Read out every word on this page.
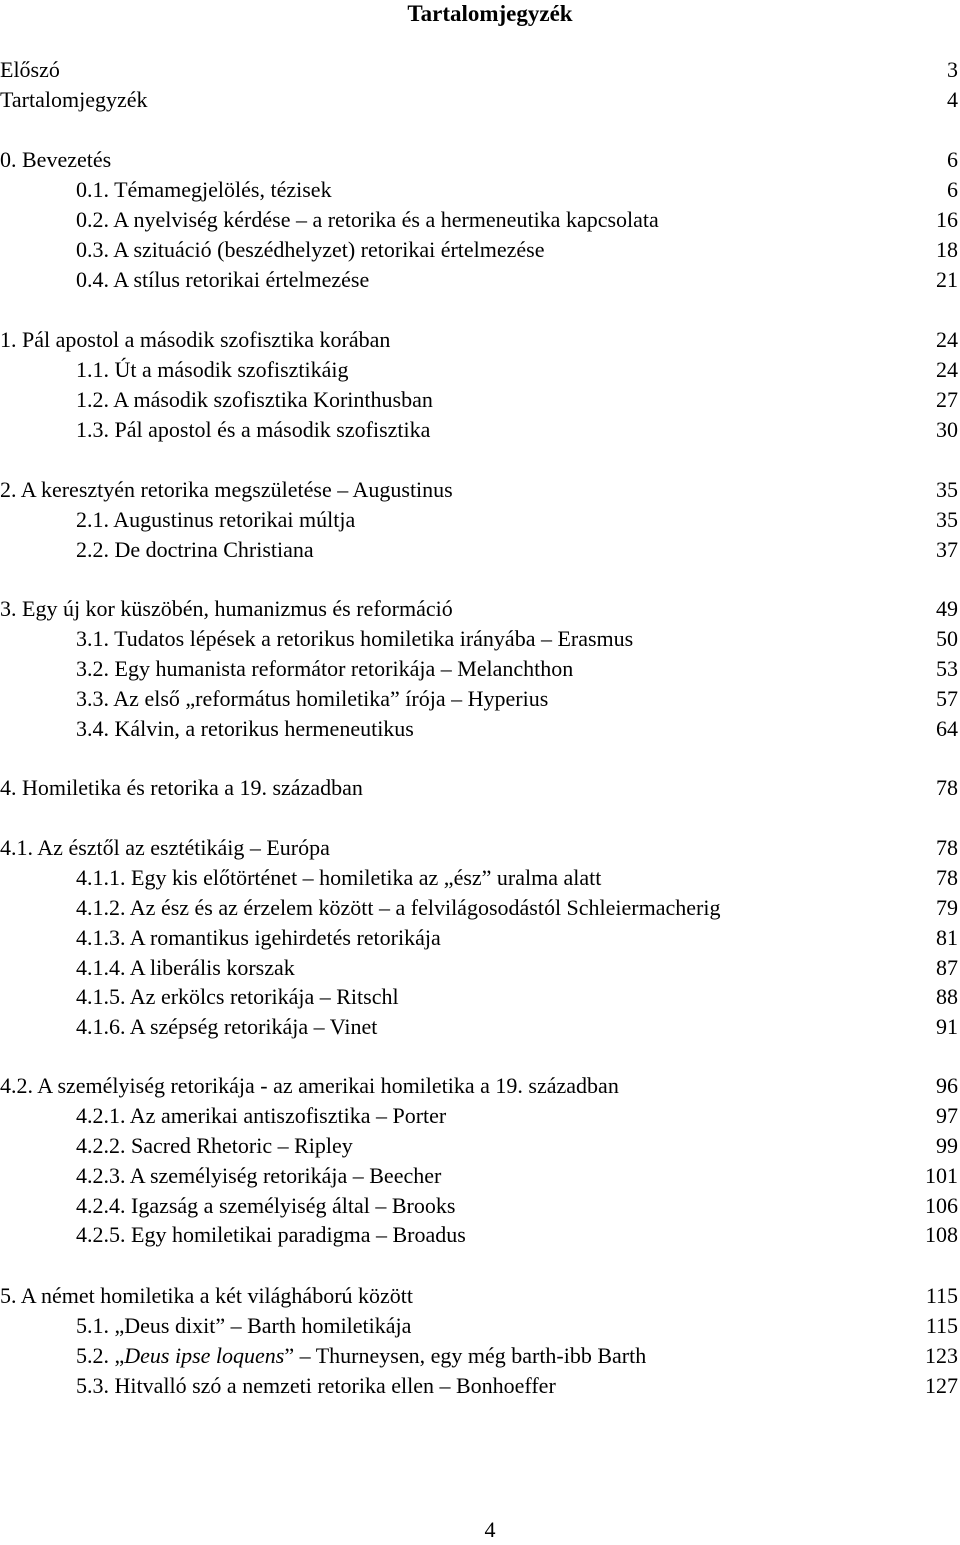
Tartalomjegyzék
Előszó	3
Tartalomjegyzék	4
0. Bevezetés	6
0.1. Témamegjelölés, tézisek	6
0.2. A nyelviség kérdése – a retorika és a hermeneutika kapcsolata	16
0.3. A szituáció (beszédhelyzet) retorikai értelmezése	18
0.4. A stílus retorikai értelmezése	21
1. Pál apostol a második szofisztika korában	24
1.1. Út a második szofisztikáig	24
1.2. A második szofisztika Korinthusban	27
1.3. Pál apostol és a második szofisztika	30
2. A keresztyén retorika megszületése – Augustinus	35
2.1. Augustinus retorikai múltja	35
2.2. De doctrina Christiana	37
3. Egy új kor küszöbén, humanizmus és reformáció	49
3.1. Tudatos lépések a retorikus homiletika irányába – Erasmus	50
3.2. Egy humanista reformátor retorikája – Melanchthon	53
3.3. Az első „református homiletika” írója – Hyperius	57
3.4. Kálvin, a retorikus hermeneutikus	64
4. Homiletika és retorika a 19. században	78
4.1. Az észtől az esztétikáig – Európa	78
4.1.1. Egy kis előtörténet – homiletika az „ész” uralma alatt	78
4.1.2. Az ész és az érzelem között – a felvilágosodástól Schleiermacherig	79
4.1.3. A romantikus igehirdetés retorikája	81
4.1.4. A liberális korszak	87
4.1.5. Az erkölcs retorikája – Ritschl	88
4.1.6. A szépség retorikája – Vinet	91
4.2. A személyiség retorikája - az amerikai homiletika a 19. században	96
4.2.1. Az amerikai antiszofisztika – Porter	97
4.2.2. Sacred Rhetoric – Ripley	99
4.2.3. A személyiség retorikája – Beecher	101
4.2.4. Igazság a személyiség által – Brooks	106
4.2.5. Egy homiletikai paradigma – Broadus	108
5. A német homiletika a két világháború között	115
5.1. „Deus dixit” – Barth homiletikája	115
5.2. „Deus ipse loquens” – Thurneysen, egy még barth-ibb Barth	123
5.3. Hitvalló szó a nemzeti retorika ellen – Bonhoeffer	127
4
